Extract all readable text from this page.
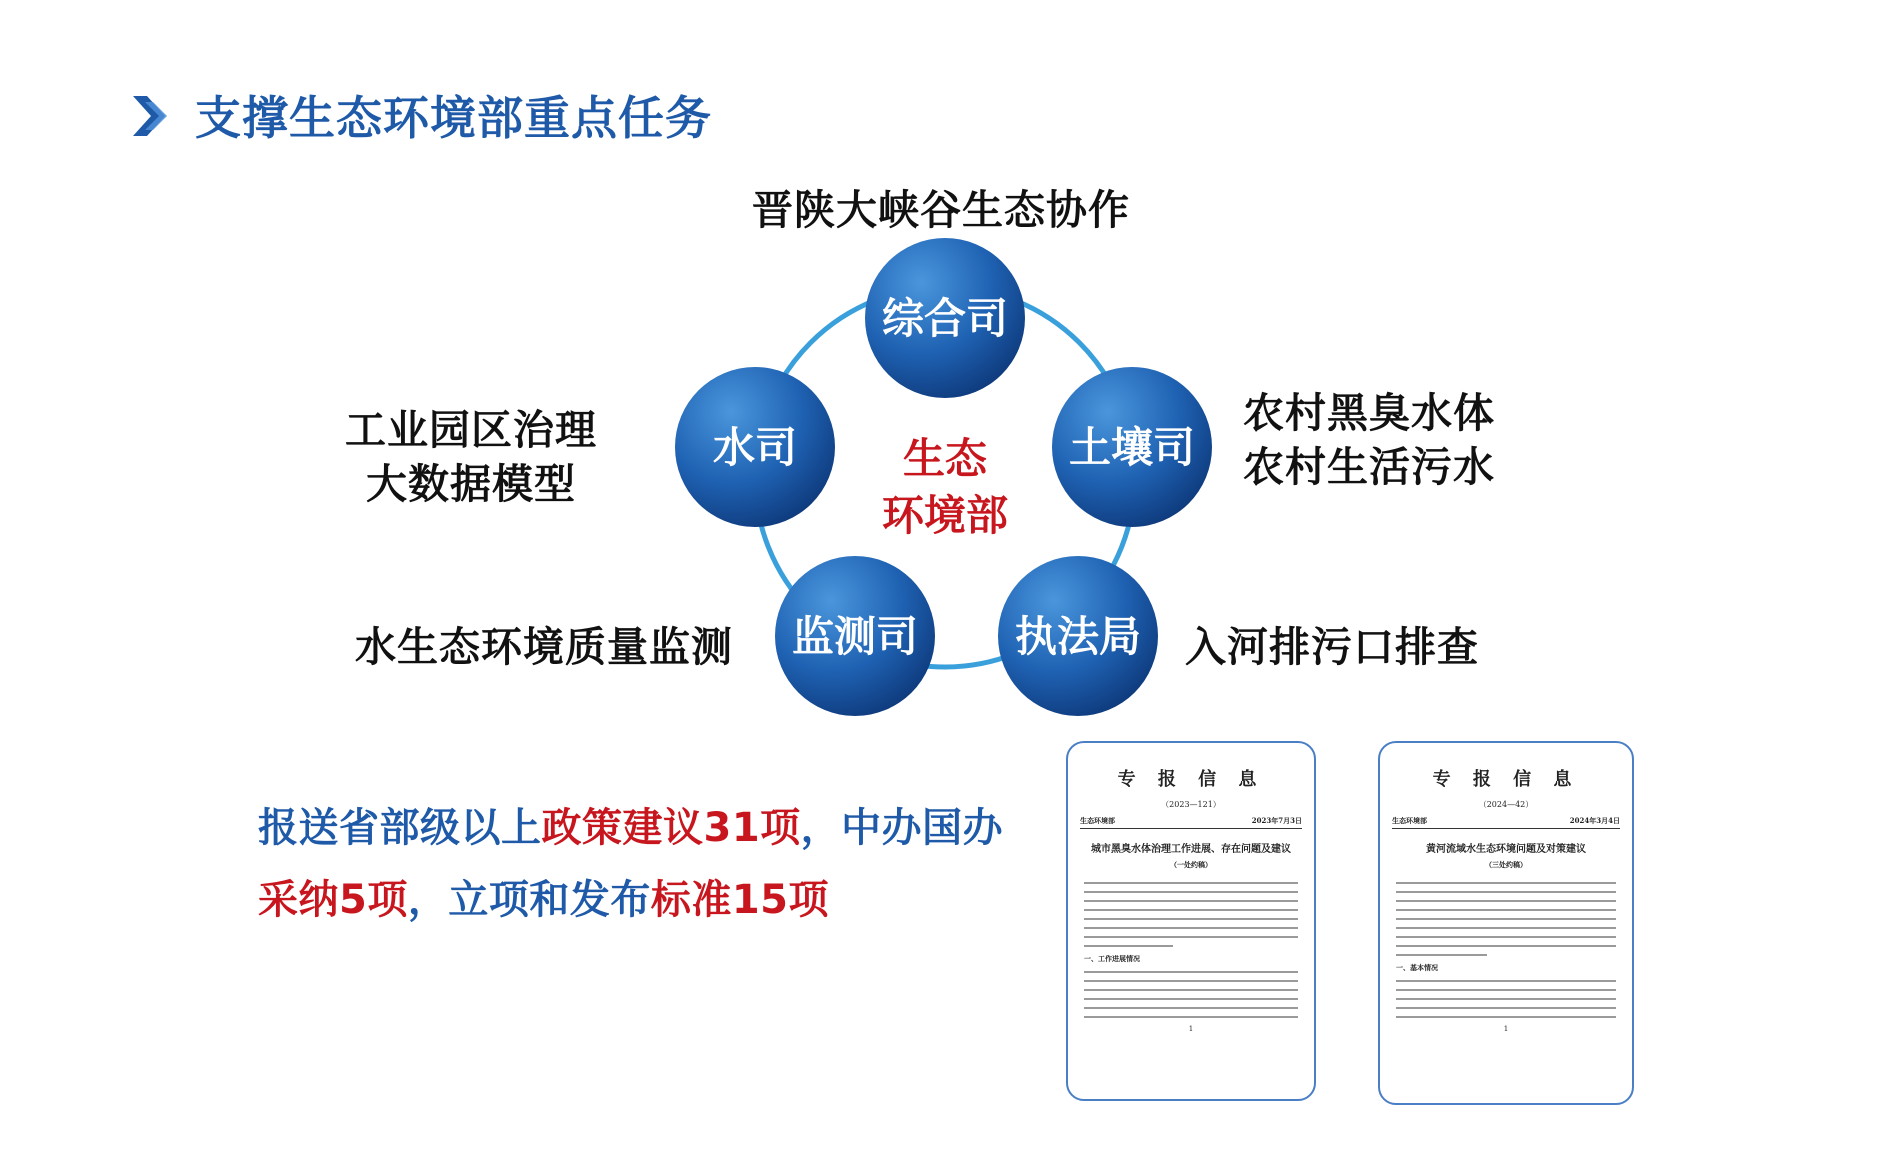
支撑生态环境部重点任务
生态
环境部
综合司
土壤司
执法局
监测司
水司
晋陕大峡谷生态协作
农村黑臭水体
农村生活污水
入河排污口排查
水生态环境质量监测
工业园区治理
大数据模型
报送省部级以上政策建议31项，中办国办采纳5项，立项和发布标准15项
专 报 信 息
（2023—121）
生态环境部	2023年7月3日
城市黑臭水体治理工作进展、存在问题及建议
（一处约稿）
一、工作进展情况
1
专 报 信 息
（2024—42）
生态环境部	2024年3月4日
黄河流域水生态环境问题及对策建议
（三处约稿）
一、基本情况
1
